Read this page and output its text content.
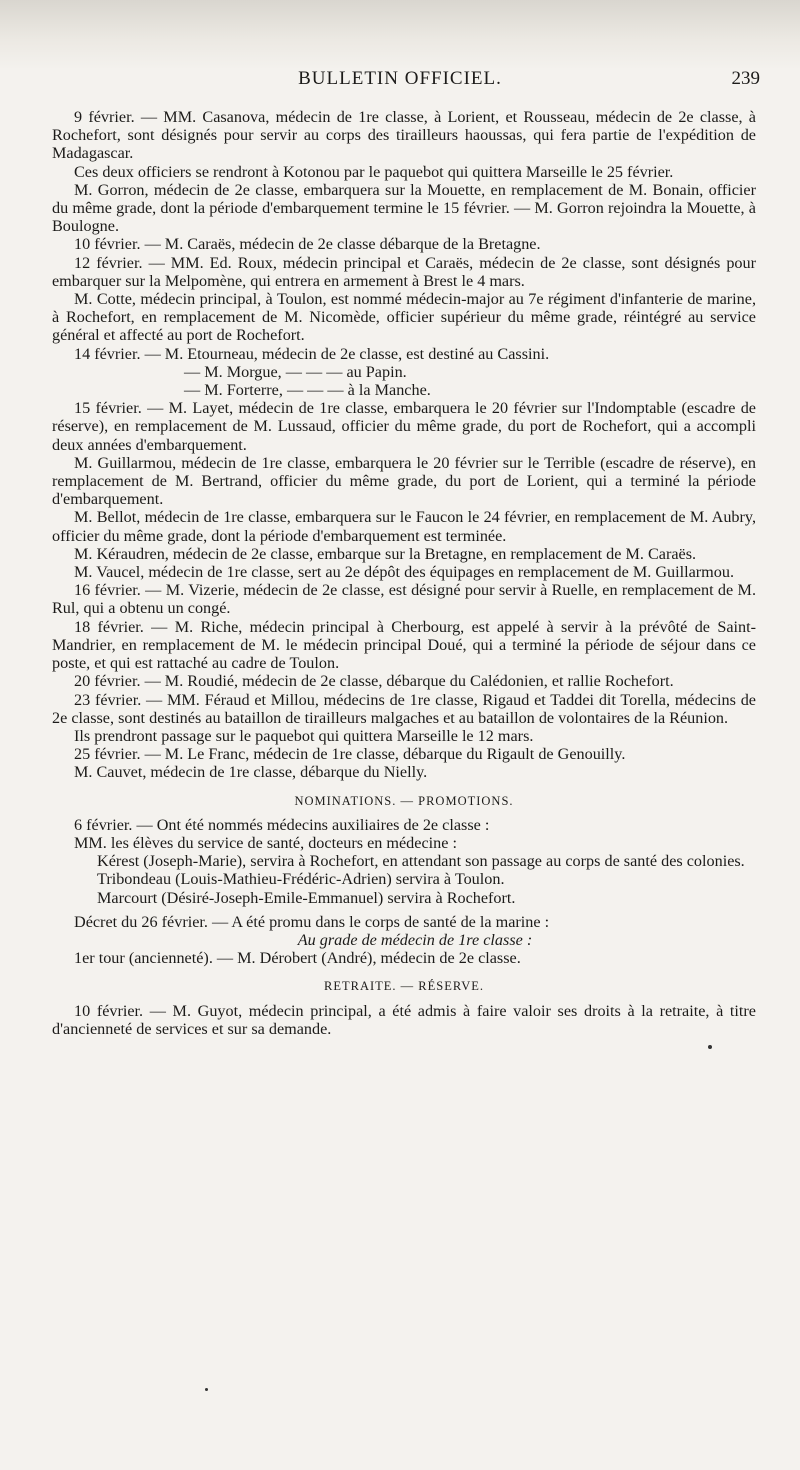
BULLETIN OFFICIEL.	239

9 février. — MM. Casanova, médecin de 1re classe, à Lorient, et Rousseau, médecin de 2e classe, à Rochefort, sont désignés pour servir au corps des tirailleurs haoussas, qui fera partie de l'expédition de Madagascar.

Ces deux officiers se rendront à Kotonou par le paquebot qui quittera Marseille le 25 février.

M. Gorron, médecin de 2e classe, embarquera sur la Mouette, en remplacement de M. Bonain, officier du même grade, dont la période d'embarquement termine le 15 février. — M. Gorron rejoindra la Mouette, à Boulogne.

10 février. — M. Caraës, médecin de 2e classe débarque de la Bretagne.

12 février. — MM. Ed. Roux, médecin principal et Caraës, médecin de 2e classe, sont désignés pour embarquer sur la Melpomène, qui entrera en armement à Brest le 4 mars.

M. Cotte, médecin principal, à Toulon, est nommé médecin-major au 7e régiment d'infanterie de marine, à Rochefort, en remplacement de M. Nicomède, officier supérieur du même grade, réintégré au service général et affecté au port de Rochefort.

14 février. — M. Etourneau, médecin de 2e classe, est destiné au Cassini.

— M. Morgue, — — — au Papin.

— M. Forterre, — — — à la Manche.

15 février. — M. Layet, médecin de 1re classe, embarquera le 20 février sur l'Indomptable (escadre de réserve), en remplacement de M. Lussaud, officier du même grade, du port de Rochefort, qui a accompli deux années d'embarquement.

M. Guillarmou, médecin de 1re classe, embarquera le 20 février sur le Terrible (escadre de réserve), en remplacement de M. Bertrand, officier du même grade, du port de Lorient, qui a terminé la période d'embarquement.

M. Bellot, médecin de 1re classe, embarquera sur le Faucon le 24 février, en remplacement de M. Aubry, officier du même grade, dont la période d'embarquement est terminée.

M. Kéraudren, médecin de 2e classe, embarque sur la Bretagne, en remplacement de M. Caraës.

M. Vaucel, médecin de 1re classe, sert au 2e dépôt des équipages en remplacement de M. Guillarmou.

16 février. — M. Vizerie, médecin de 2e classe, est désigné pour servir à Ruelle, en remplacement de M. Rul, qui a obtenu un congé.

18 février. — M. Riche, médecin principal à Cherbourg, est appelé à servir à la prévôté de Saint-Mandrier, en remplacement de M. le médecin principal Doué, qui a terminé la période de séjour dans ce poste, et qui est rattaché au cadre de Toulon.

20 février. — M. Roudié, médecin de 2e classe, débarque du Calédonien, et rallie Rochefort.

23 février. — MM. Féraud et Millou, médecins de 1re classe, Rigaud et Taddei dit Torella, médecins de 2e classe, sont destinés au bataillon de tirailleurs malgaches et au bataillon de volontaires de la Réunion.

Ils prendront passage sur le paquebot qui quittera Marseille le 12 mars.

25 février. — M. Le Franc, médecin de 1re classe, débarque du Rigault de Genouilly.

M. Cauvet, médecin de 1re classe, débarque du Nielly.

NOMINATIONS. — PROMOTIONS.

6 février. — Ont été nommés médecins auxiliaires de 2e classe :

MM. les élèves du service de santé, docteurs en médecine :

Kérest (Joseph-Marie), servira à Rochefort, en attendant son passage au corps de santé des colonies.

Tribondeau (Louis-Mathieu-Frédéric-Adrien) servira à Toulon.

Marcourt (Désiré-Joseph-Emile-Emmanuel) servira à Rochefort.

Décret du 26 février. — A été promu dans le corps de santé de la marine :

Au grade de médecin de 1re classe :

1er tour (ancienneté). — M. Dérobert (André), médecin de 2e classe.

RETRAITE. — RÉSERVE.

10 février. — M. Guyot, médecin principal, a été admis à faire valoir ses droits à la retraite, à titre d'ancienneté de services et sur sa demande.
